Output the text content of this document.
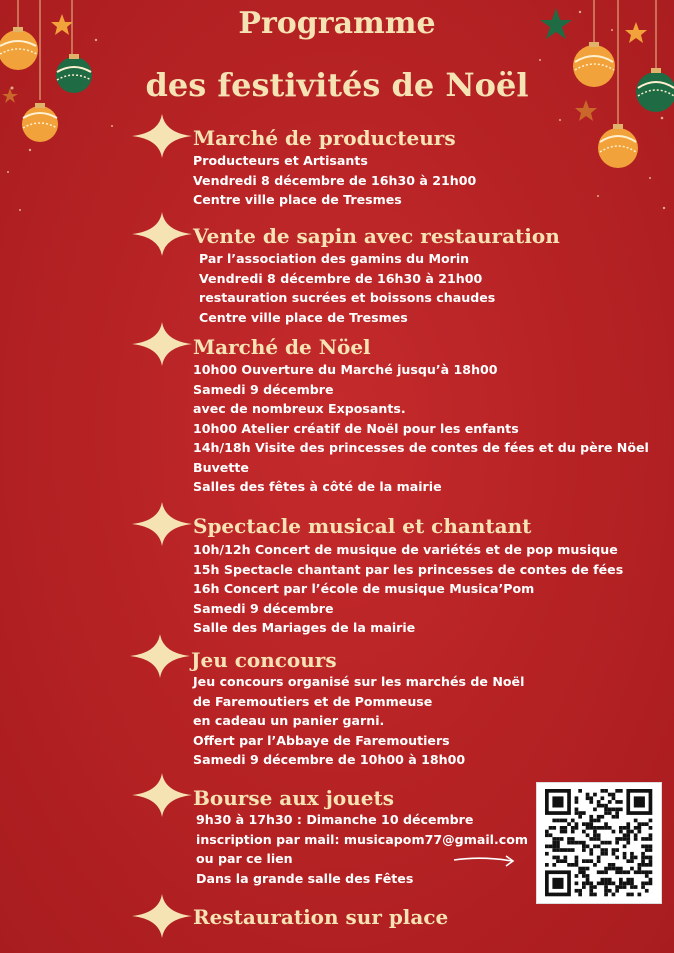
Programme
des festivités de Noël
Marché de producteurs
Producteurs et Artisants
Vendredi 8 décembre de 16h30 à 21h00
Centre ville place de Tresmes
Vente de sapin avec restauration
Par l’association des gamins du Morin
Vendredi 8 décembre de 16h30 à 21h00
restauration sucrées et boissons chaudes
Centre ville place de Tresmes
Marché de Nöel
10h00 Ouverture du Marché jusqu’à 18h00
Samedi 9 décembre
avec de nombreux Exposants.
10h00 Atelier créatif de Noël pour les enfants
14h/18h Visite des princesses de contes de fées et du père Nöel
Buvette
Salles des fêtes à côté de la mairie
Spectacle musical et chantant
10h/12h Concert de musique de variétés et de pop musique
15h Spectacle chantant par les princesses de contes de fées
16h Concert par l’école de musique Musica’Pom
Samedi 9 décembre
Salle des Mariages de la mairie
Jeu concours
Jeu concours organisé sur les marchés de Noël
de Faremoutiers et de Pommeuse
en cadeau un panier garni.
Offert par l’Abbaye de Faremoutiers
Samedi 9 décembre de 10h00 à 18h00
Bourse aux jouets
9h30 à 17h30 : Dimanche 10 décembre
inscription par mail: musicapom77@gmail.com
ou par ce lien
Dans la grande salle des Fêtes
Restauration sur place
